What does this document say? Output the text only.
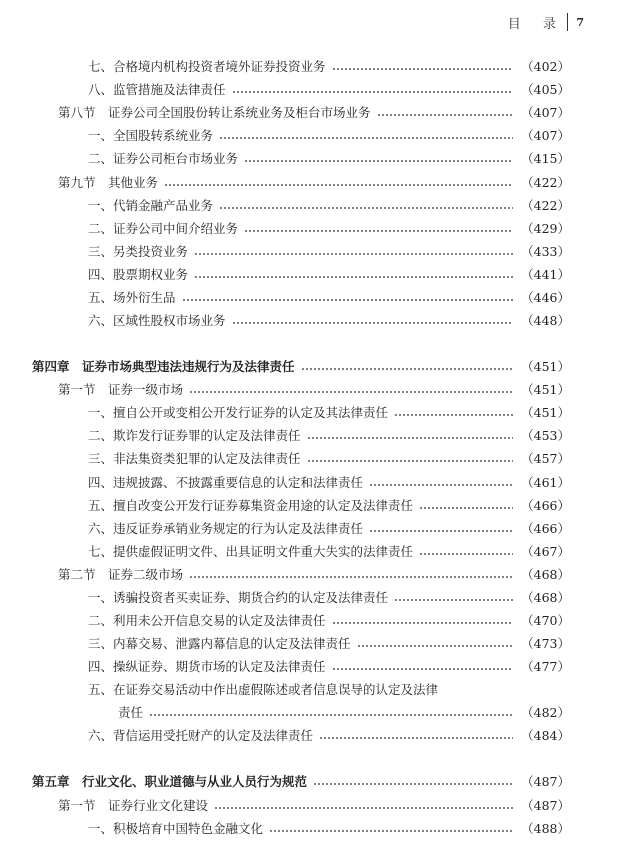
目 录 7
七、合格境内机构投资者境外证券投资业务	（402）
八、监管措施及法律责任	（405）
第八节　证券公司全国股份转让系统业务及柜台市场业务	（407）
一、全国股转系统业务	（407）
二、证券公司柜台市场业务	（415）
第九节　其他业务	（422）
一、代销金融产品业务	（422）
二、证券公司中间介绍业务	（429）
三、另类投资业务	（433）
四、股票期权业务	（441）
五、场外衍生品	（446）
六、区域性股权市场业务	（448）
第四章　证券市场典型违法违规行为及法律责任	（451）
第一节　证券一级市场	（451）
一、擅自公开或变相公开发行证券的认定及其法律责任	（451）
二、欺诈发行证券罪的认定及法律责任	（453）
三、非法集资类犯罪的认定及法律责任	（457）
四、违规披露、不披露重要信息的认定和法律责任	（461）
五、擅自改变公开发行证券募集资金用途的认定及法律责任	（466）
六、违反证券承销业务规定的行为认定及法律责任	（466）
七、提供虚假证明文件、出具证明文件重大失实的法律责任	（467）
第二节　证券二级市场	（468）
一、诱骗投资者买卖证券、期货合约的认定及法律责任	（468）
二、利用未公开信息交易的认定及法律责任	（470）
三、内幕交易、泄露内幕信息的认定及法律责任	（473）
四、操纵证券、期货市场的认定及法律责任	（477）
五、在证券交易活动中作出虚假陈述或者信息误导的认定及法律
责任	（482）
六、背信运用受托财产的认定及法律责任	（484）
第五章　行业文化、职业道德与从业人员行为规范	（487）
第一节　证券行业文化建设	（487）
一、积极培育中国特色金融文化	（488）
